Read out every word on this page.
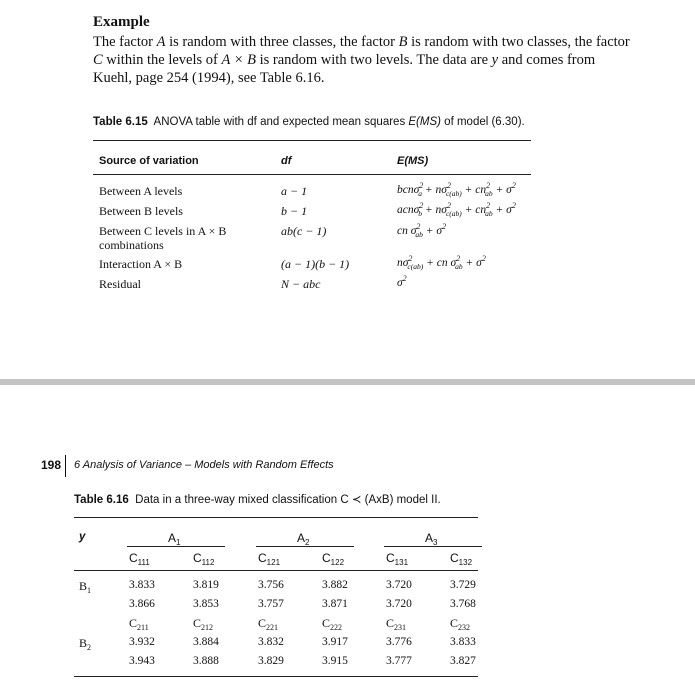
Example
The factor A is random with three classes, the factor B is random with two classes, the factor C within the levels of A × B is random with two levels. The data are y and comes from Kuehl, page 254 (1994), see Table 6.16.
Table 6.15 ANOVA table with df and expected mean squares E(MS) of model (6.30).
Source of variation	df	E(MS)
Between A levels	a − 1	$bcn\sigma^2_a + n\sigma^2_{c(ab)} + cn^2_{ab} + \sigma^2$
Between B levels	b − 1	$acn\sigma^2_b + n\sigma^2_{c(ab)} + cn^2_{ab} + \sigma^2$
Between C levels in A × B combinations
ab(c − 1)	cn $\sigma^2_{ab} + \sigma^2$
Interaction A × B	(a − 1)(b − 1)	$n\sigma^2_{c(ab)}$ + cn $\sigma^2_{ab} + \sigma^2$
Residual	N − abc	$\sigma^2$
198 6 Analysis of Variance – Models with Random Effects
Table 6.16 Data in a three-way mixed classification C ≺ (AxB) model II.
y	$A_1$	$A_2$	$A_3$
$C_{111}$	$C_{112}$	$C_{121}$	$C_{122}$	$C_{131}$	$C_{132}$
$B_1$
$B_2$
3.833	3.819	3.756	3.882	3.720	3.729
3.866	3.853	3.757	3.871	3.720	3.768
3.932	3.884	3.832	3.917	3.776	3.833
3.943	3.888	3.829	3.915	3.777	3.827
$C_{211}$	$C_{212}$	$C_{221}$	$C_{222}$	$C_{231}$	$C_{232}$
